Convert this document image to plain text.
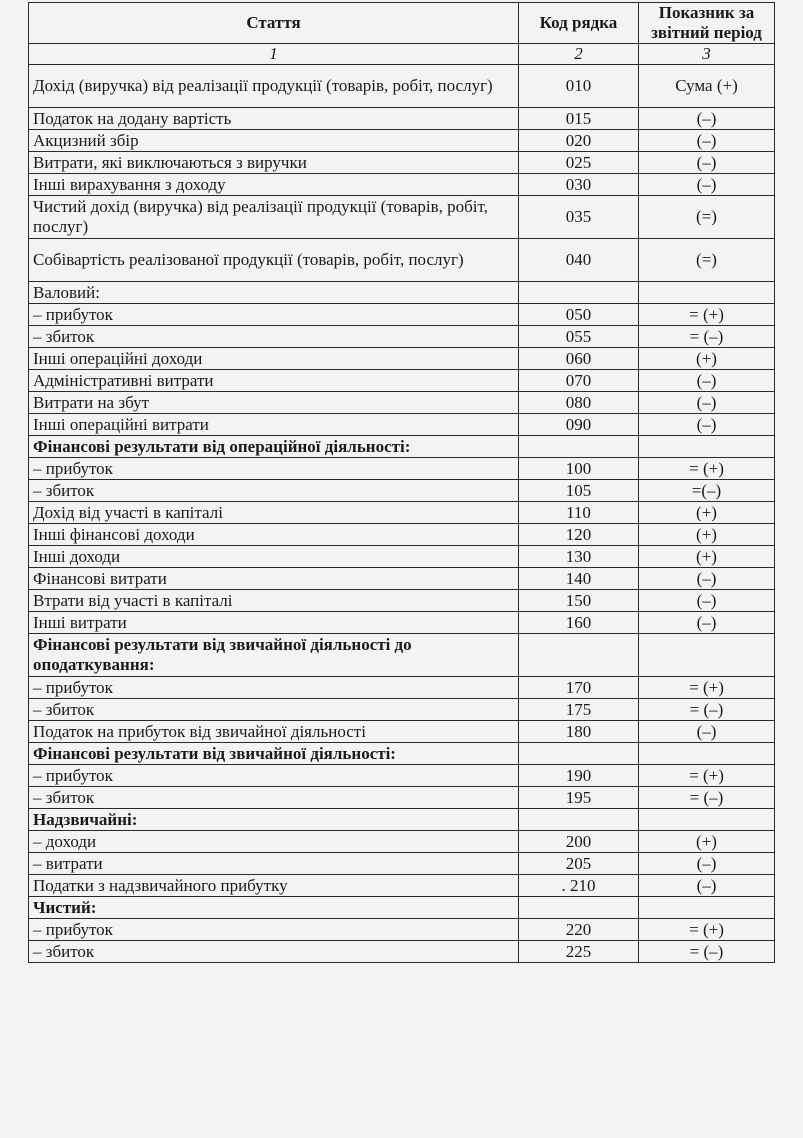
Стаття	Код рядка	Показник за звітний період
1	2	3
Дохід (виручка) від реалізації продукції (товарів, робіт, послуг)	010	Сума (+)
Податок на додану вартість	015	(–)
Акцизний збір	020	(–)
Витрати, які виключаються з виручки	025	(–)
Інші вирахування з доходу	030	(–)
Чистий дохід (виручка) від реалізації продукції (товарів, робіт, послуг)	035	(=)
Собівартість реалізованої продукції (товарів, робіт, послуг)	040	(=)
Валовий:		
– прибуток	050	= (+)
– збиток	055	= (–)
Інші операційні доходи	060	(+)
Адміністративні витрати	070	(–)
Витрати на збут	080	(–)
Інші операційні витрати	090	(–)
Фінансові результати від операційної діяльності:		
– прибуток	100	= (+)
– збиток	105	=(–)
Дохід від участі в капіталі	110	(+)
Інші фінансові доходи	120	(+)
Інші доходи	130	(+)
Фінансові витрати	140	(–)
Втрати від участі в капіталі	150	(–)
Інші витрати	160	(–)
Фінансові результати від звичайної діяльності до оподаткування:		
– прибуток	170	= (+)
– збиток	175	= (–)
Податок на прибуток від звичайної діяльності	180	(–)
Фінансові результати від звичайної діяльності:		
– прибуток	190	= (+)
– збиток	195	= (–)
Надзвичайні:		
– доходи	200	(+)
– витрати	205	(–)
Податки з надзвичайного прибутку	. 210	(–)
Чистий:		
– прибуток	220	= (+)
– збиток	225	= (–)
